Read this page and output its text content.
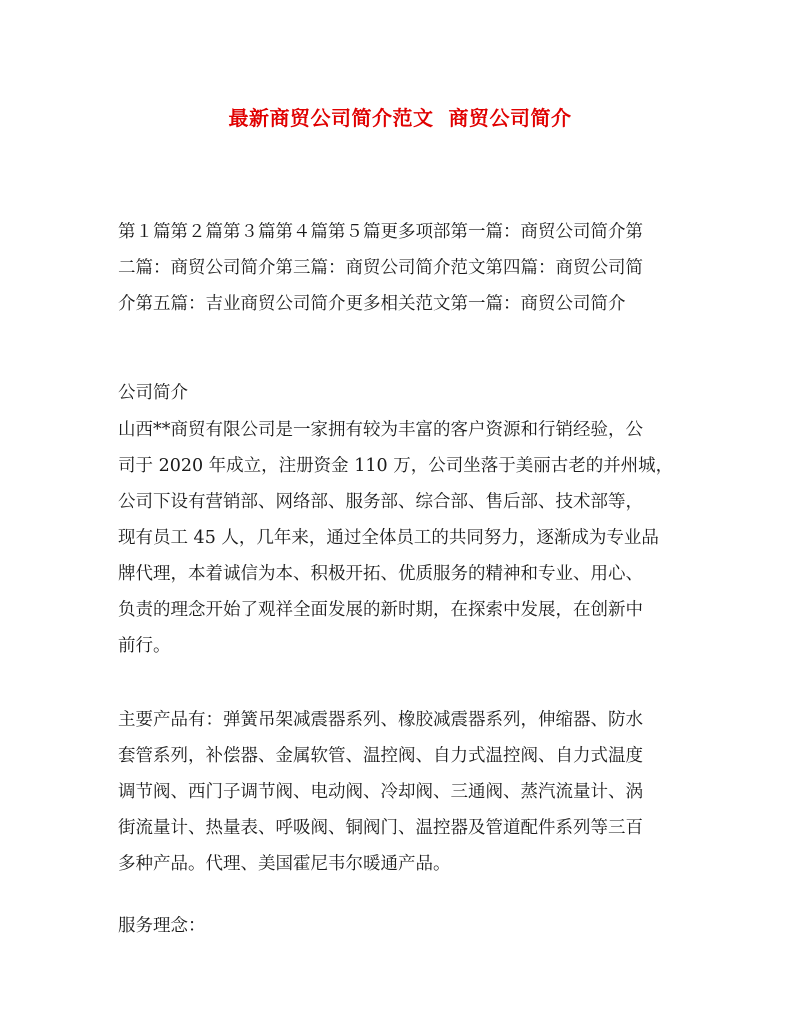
最新商贸公司简介范文  商贸公司简介
第１篇第２篇第３篇第４篇第５篇更多项部第一篇：商贸公司简介第
二篇：商贸公司简介第三篇：商贸公司简介范文第四篇：商贸公司简
介第五篇：吉业商贸公司简介更多相关范文第一篇：商贸公司简介
公司简介
山西**商贸有限公司是一家拥有较为丰富的客户资源和行销经验，公
司于 2020 年成立，注册资金 110 万，公司坐落于美丽古老的并州城，
公司下设有营销部、网络部、服务部、综合部、售后部、技术部等，
现有员工 45 人，几年来，通过全体员工的共同努力，逐渐成为专业品
牌代理，本着诚信为本、积极开拓、优质服务的精神和专业、用心、
负责的理念开始了观祥全面发展的新时期，在探索中发展，在创新中
前行。
主要产品有：弹簧吊架减震器系列、橡胶减震器系列，伸缩器、防水
套管系列，补偿器、金属软管、温控阀、自力式温控阀、自力式温度
调节阀、西门子调节阀、电动阀、冷却阀、三通阀、蒸汽流量计、涡
街流量计、热量表、呼吸阀、铜阀门、温控器及管道配件系列等三百
多种产品。代理、美国霍尼韦尔暖通产品。
服务理念：
